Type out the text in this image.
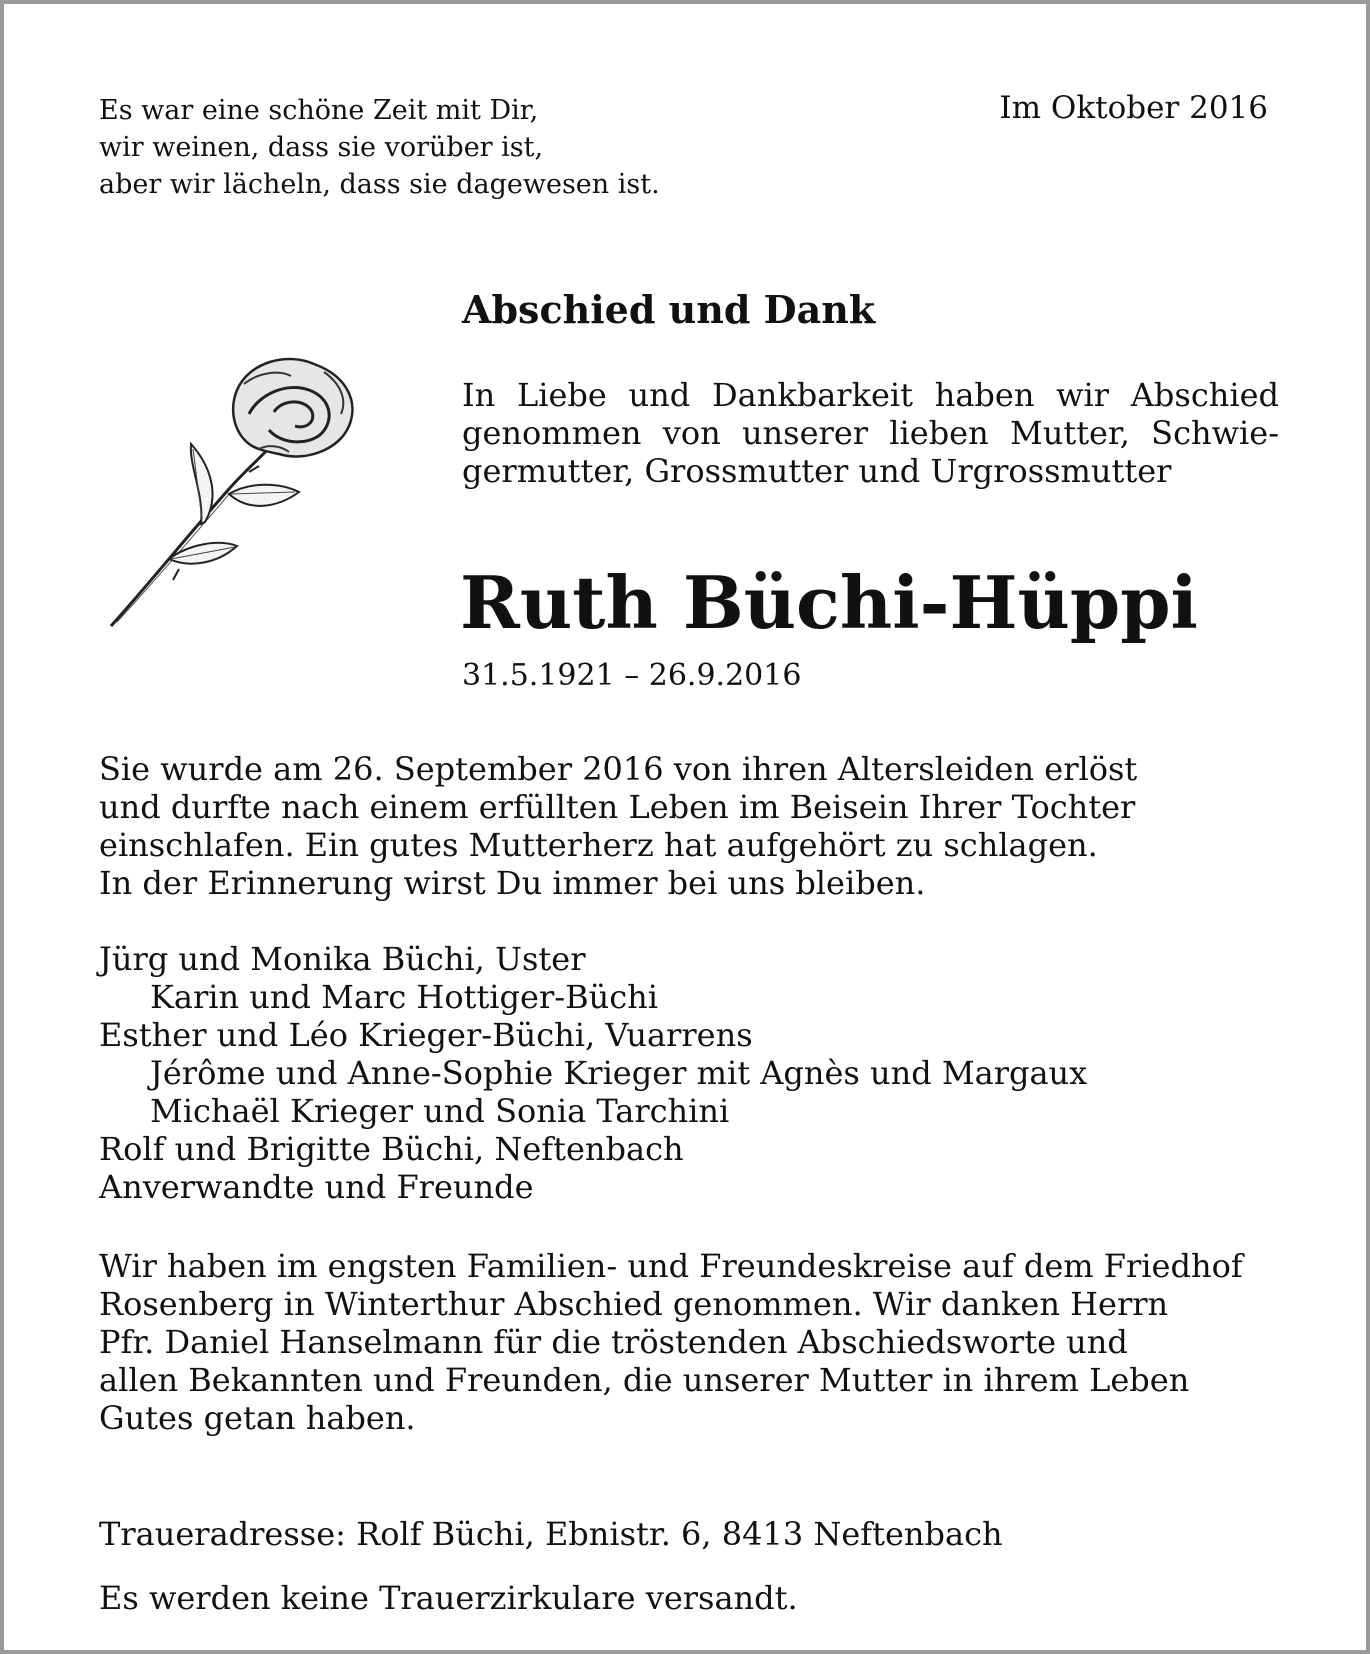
Es war eine schöne Zeit mit Dir,
wir weinen, dass sie vorüber ist,
aber wir lächeln, dass sie dagewesen ist.
Im Oktober 2016
Abschied und Dank
In Liebe und Dankbarkeit haben wir Abschied
genommen von unserer lieben Mutter, Schwie-
germutter, Grossmutter und Urgrossmutter
Ruth Büchi-Hüppi
31.5.1921 – 26.9.2016
Sie wurde am 26. September 2016 von ihren Altersleiden erlöst
und durfte nach einem erfüllten Leben im Beisein Ihrer Tochter
einschlafen. Ein gutes Mutterherz hat aufgehört zu schlagen.
In der Erinnerung wirst Du immer bei uns bleiben.
Jürg und Monika Büchi, Uster
Karin und Marc Hottiger-Büchi
Esther und Léo Krieger-Büchi, Vuarrens
Jérôme und Anne-Sophie Krieger mit Agnès und Margaux
Michaël Krieger und Sonia Tarchini
Rolf und Brigitte Büchi, Neftenbach
Anverwandte und Freunde
Wir haben im engsten Familien- und Freundeskreise auf dem Friedhof
Rosenberg in Winterthur Abschied genommen. Wir danken Herrn
Pfr. Daniel Hanselmann für die tröstenden Abschiedsworte und
allen Bekannten und Freunden, die unserer Mutter in ihrem Leben
Gutes getan haben.
Traueradresse: Rolf Büchi, Ebnistr. 6, 8413 Neftenbach
Es werden keine Trauerzirkulare versandt.
